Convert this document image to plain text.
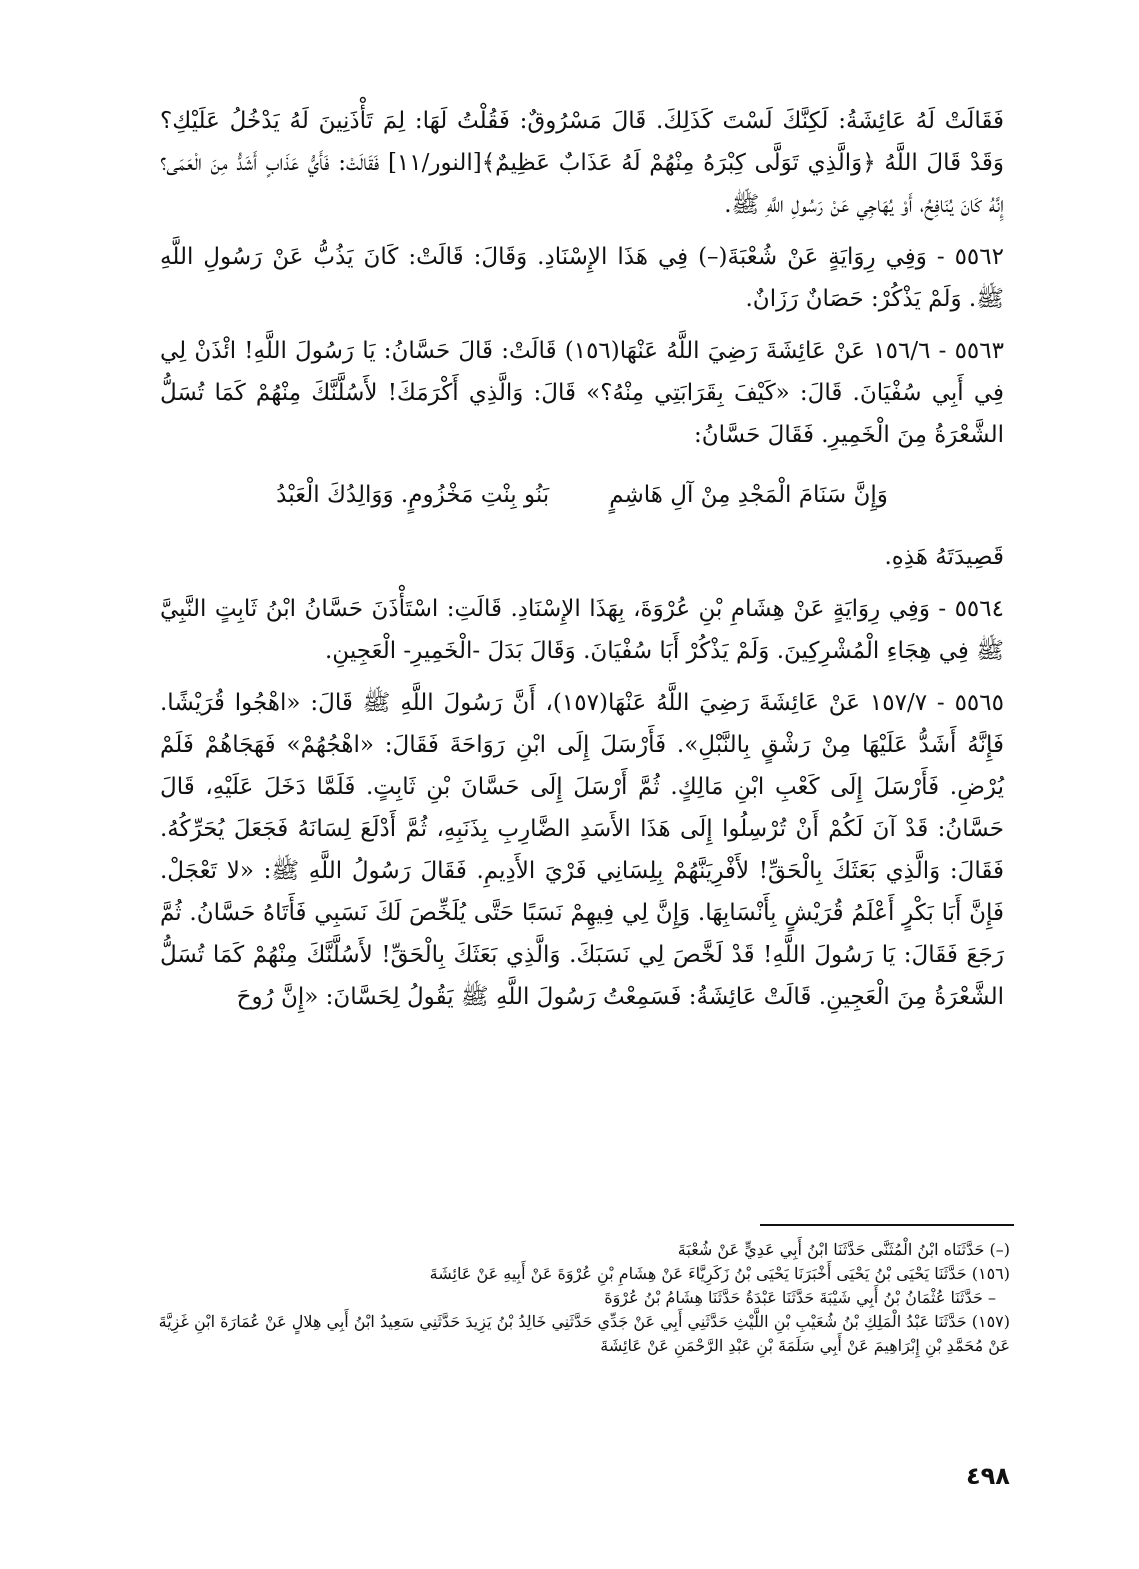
فَقَالَتْ لَهُ عَائِشَةُ: لَكِنَّكَ لَسْتَ كَذَلِكَ. قَالَ مَسْرُوقٌ: فَقُلْتُ لَهَا: لِمَ تَأْذَنِينَ لَهُ يَدْخُلُ عَلَيْكِ؟ وَقَدْ قَالَ اللَّهُ ﴿وَالَّذِي تَوَلَّى كِبْرَهُ مِنْهُمْ لَهُ عَذَابٌ عَظِيمٌ﴾[النور/١١] فَقَالَتْ: فَأَيُّ عَذَابٍ أَشَدُّ مِنَ الْعَمَى؟ إِنَّهُ كَانَ يُنَافِحُ، أَوْ يُهَاجِي عَنْ رَسُولِ اللَّهِ ﷺ.

٥٥٦٢ - وَفِي رِوَايَةٍ عَنْ شُعْبَةَ(–) فِي هَذَا الإِسْنَادِ. وَقَالَ: قَالَتْ: كَانَ يَذُبُّ عَنْ رَسُولِ اللَّهِ ﷺ. وَلَمْ يَذْكُرْ: حَصَانٌ رَزَانٌ.

٥٥٦٣ - ١٥٦/٦ عَنْ عَائِشَةَ رَضِيَ اللَّهُ عَنْهَا(١٥٦) قَالَتْ: قَالَ حَسَّانُ: يَا رَسُولَ اللَّهِ! ائْذَنْ لِي فِي أَبِي سُفْيَانَ. قَالَ: «كَيْفَ بِقَرَابَتِي مِنْهُ؟» قَالَ: وَالَّذِي أَكْرَمَكَ! لأَسُلَّنَّكَ مِنْهُمْ كَمَا تُسَلُّ الشَّعْرَةُ مِنَ الْخَمِيرِ. فَقَالَ حَسَّانُ:

وَإِنَّ سَنَامَ الْمَجْدِ مِنْ آلِ هَاشِمٍ
بَنُو بِنْتِ مَخْزُومٍ. وَوَالِدُكَ الْعَبْدُ

قَصِيدَتَهُ هَذِهِ.

٥٥٦٤ - وَفِي رِوَايَةٍ عَنْ هِشَامِ بْنِ عُرْوَةَ، بِهَذَا الإِسْنَادِ. قَالَتِ: اسْتَأْذَنَ حَسَّانُ ابْنُ ثَابِتٍ النَّبِيَّ ﷺ فِي هِجَاءِ الْمُشْرِكِينَ. وَلَمْ يَذْكُرْ أَبَا سُفْيَانَ. وَقَالَ بَدَلَ -الْخَمِيرِ- الْعَجِينِ.

٥٥٦٥ - ١٥٧/٧ عَنْ عَائِشَةَ رَضِيَ اللَّهُ عَنْهَا(١٥٧)، أَنَّ رَسُولَ اللَّهِ ﷺ قَالَ: «اهْجُوا قُرَيْشًا. فَإِنَّهُ أَشَدُّ عَلَيْهَا مِنْ رَشْقٍ بِالنَّبْلِ». فَأَرْسَلَ إِلَى ابْنِ رَوَاحَةَ فَقَالَ: «اهْجُهُمْ» فَهَجَاهُمْ فَلَمْ يُرْضِ. فَأَرْسَلَ إِلَى كَعْبِ ابْنِ مَالِكٍ. ثُمَّ أَرْسَلَ إِلَى حَسَّانَ بْنِ ثَابِتٍ. فَلَمَّا دَخَلَ عَلَيْهِ، قَالَ حَسَّانُ: قَدْ آنَ لَكُمْ أَنْ تُرْسِلُوا إِلَى هَذَا الأَسَدِ الضَّارِبِ بِذَنَبِهِ، ثُمَّ أَدْلَعَ لِسَانَهُ فَجَعَلَ يُحَرِّكُهُ. فَقَالَ: وَالَّذِي بَعَثَكَ بِالْحَقِّ! لأَفْرِيَنَّهُمْ بِلِسَانِي فَرْيَ الأَدِيمِ. فَقَالَ رَسُولُ اللَّهِ ﷺ: «لا تَعْجَلْ. فَإِنَّ أَبَا بَكْرٍ أَعْلَمُ قُرَيْشٍ بِأَنْسَابِهَا. وَإِنَّ لِي فِيهِمْ نَسَبًا حَتَّى يُلَخِّصَ لَكَ نَسَبِي فَأَتَاهُ حَسَّانُ. ثُمَّ رَجَعَ فَقَالَ: يَا رَسُولَ اللَّهِ! قَدْ لَخَّصَ لِي نَسَبَكَ. وَالَّذِي بَعَثَكَ بِالْحَقِّ! لأَسُلَّنَّكَ مِنْهُمْ كَمَا تُسَلُّ الشَّعْرَةُ مِنَ الْعَجِينِ. قَالَتْ عَائِشَةُ: فَسَمِعْتُ رَسُولَ اللَّهِ ﷺ يَقُولُ لِحَسَّانَ: «إِنَّ رُوحَ

(–) حَدَّثَنَاه ابْنُ الْمُثَنَّى حَدَّثَنَا ابْنُ أَبِي عَدِيٍّ عَنْ شُعْبَةَ

(١٥٦) حَدَّثَنَا يَحْيَى بْنُ يَحْيَى أَخْبَرَنَا يَحْيَى بْنُ زَكَرِيَّاءَ عَنْ هِشَامِ بْنِ عُرْوَةَ عَنْ أَبِيهِ عَنْ عَائِشَةَ

– حَدَّثَنَا عُثْمَانُ بْنُ أَبِي شَيْبَةَ حَدَّثَنَا عَبْدَةُ حَدَّثَنَا هِشَامُ بْنُ عُرْوَةَ

(١٥٧) حَدَّثَنَا عَبْدُ الْمَلِكِ بْنُ شُعَيْبِ بْنِ اللَّيْثِ حَدَّثَنِي أَبِي عَنْ جَدِّي حَدَّثَنِي خَالِدُ بْنُ يَزِيدَ حَدَّثَنِي سَعِيدُ ابْنُ أَبِي هِلالٍ عَنْ عُمَارَةَ ابْنِ غَزِيَّةَ عَنْ مُحَمَّدِ بْنِ إِبْرَاهِيمَ عَنْ أَبِي سَلَمَةَ بْنِ عَبْدِ الرَّحْمَنِ عَنْ عَائِشَةَ

٤٩٨
